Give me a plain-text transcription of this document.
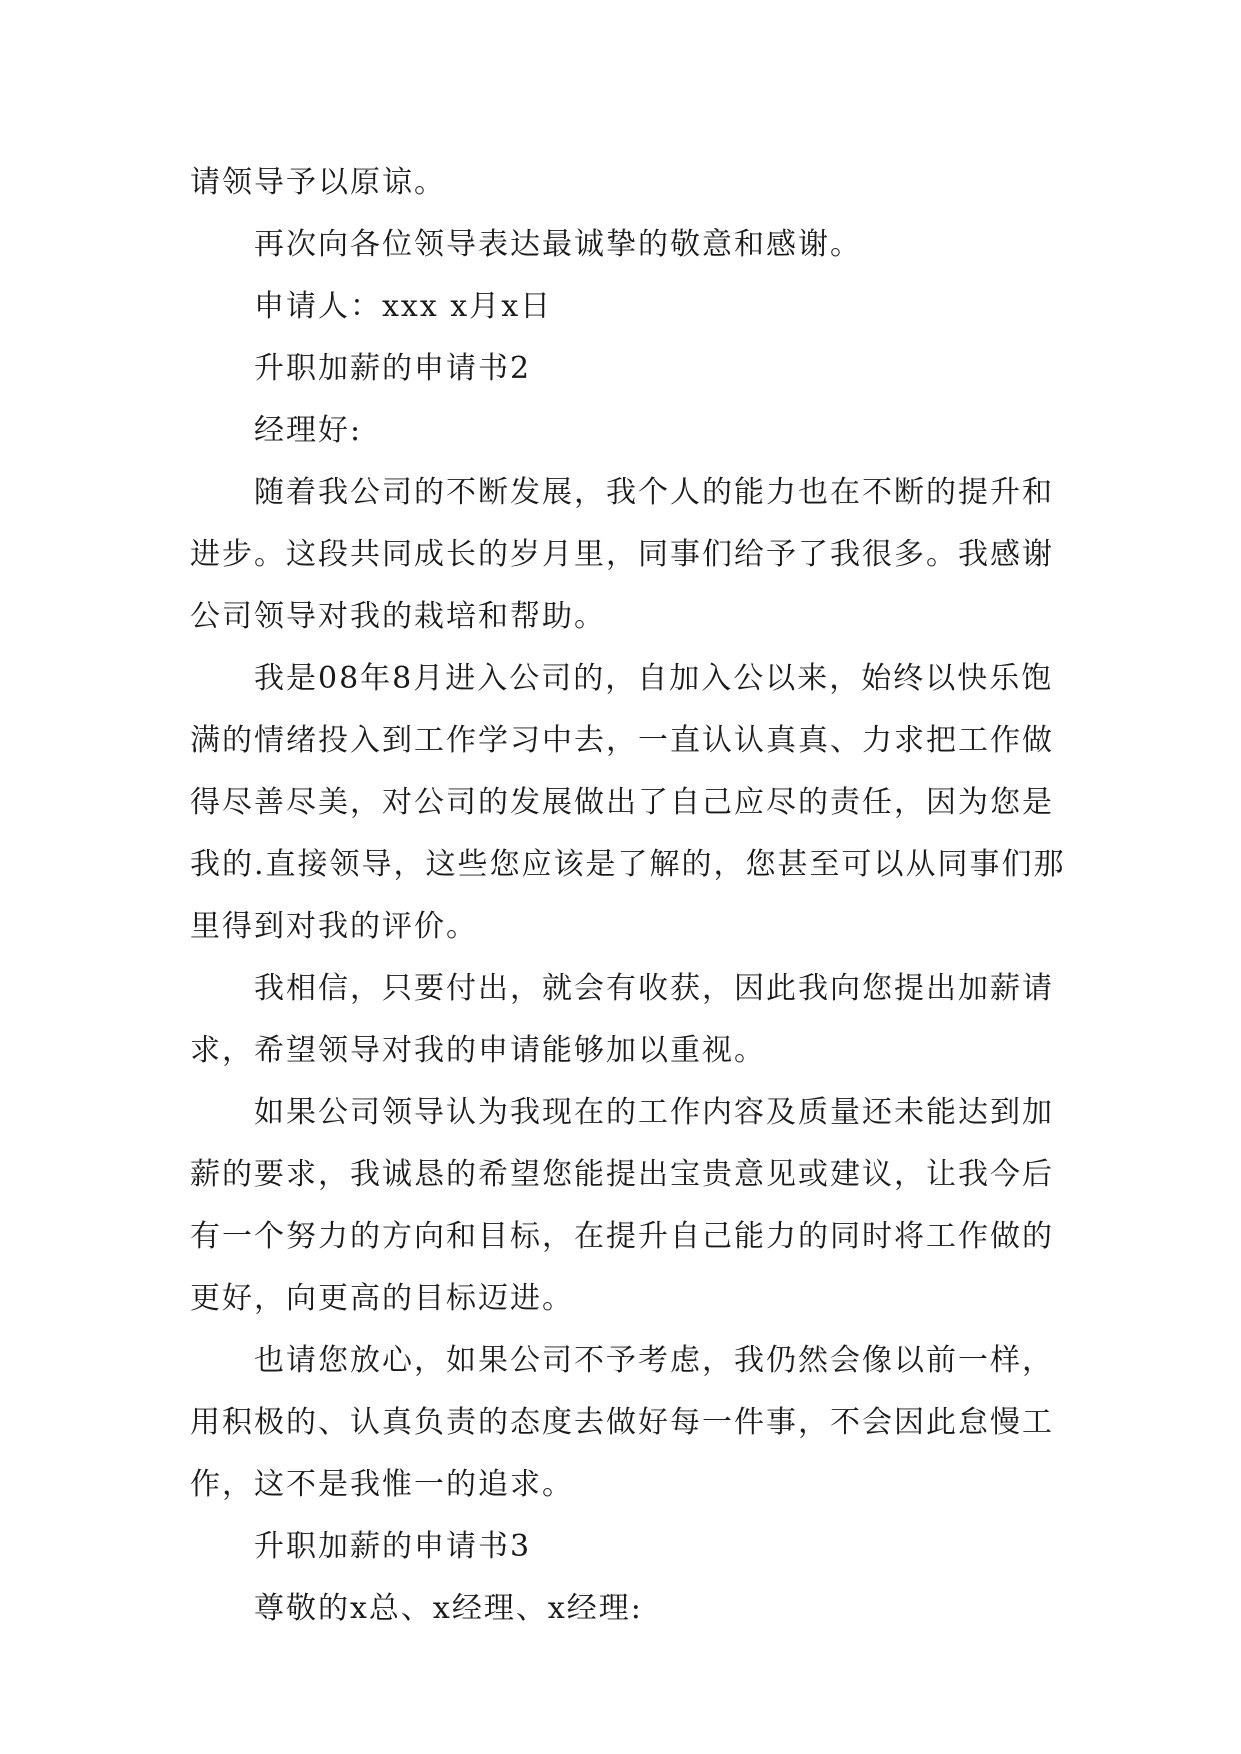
请领导予以原谅。

再次向各位领导表达最诚挚的敬意和感谢。

申请人：xxx x月x日

升职加薪的申请书2

经理好:

随着我公司的不断发展，我个人的能力也在不断的提升和进步。这段共同成长的岁月里，同事们给予了我很多。我感谢公司领导对我的栽培和帮助。

我是08年8月进入公司的，自加入公以来，始终以快乐饱满的情绪投入到工作学习中去，一直认认真真、力求把工作做得尽善尽美，对公司的发展做出了自己应尽的责任，因为您是我的.直接领导，这些您应该是了解的，您甚至可以从同事们那里得到对我的评价。

我相信，只要付出，就会有收获，因此我向您提出加薪请求，希望领导对我的申请能够加以重视。

如果公司领导认为我现在的工作内容及质量还未能达到加薪的要求，我诚恳的希望您能提出宝贵意见或建议，让我今后有一个努力的方向和目标，在提升自己能力的同时将工作做的更好，向更高的目标迈进。

也请您放心，如果公司不予考虑，我仍然会像以前一样，用积极的、认真负责的态度去做好每一件事，不会因此怠慢工作，这不是我惟一的追求。

升职加薪的申请书3

尊敬的x总、x经理、x经理:
